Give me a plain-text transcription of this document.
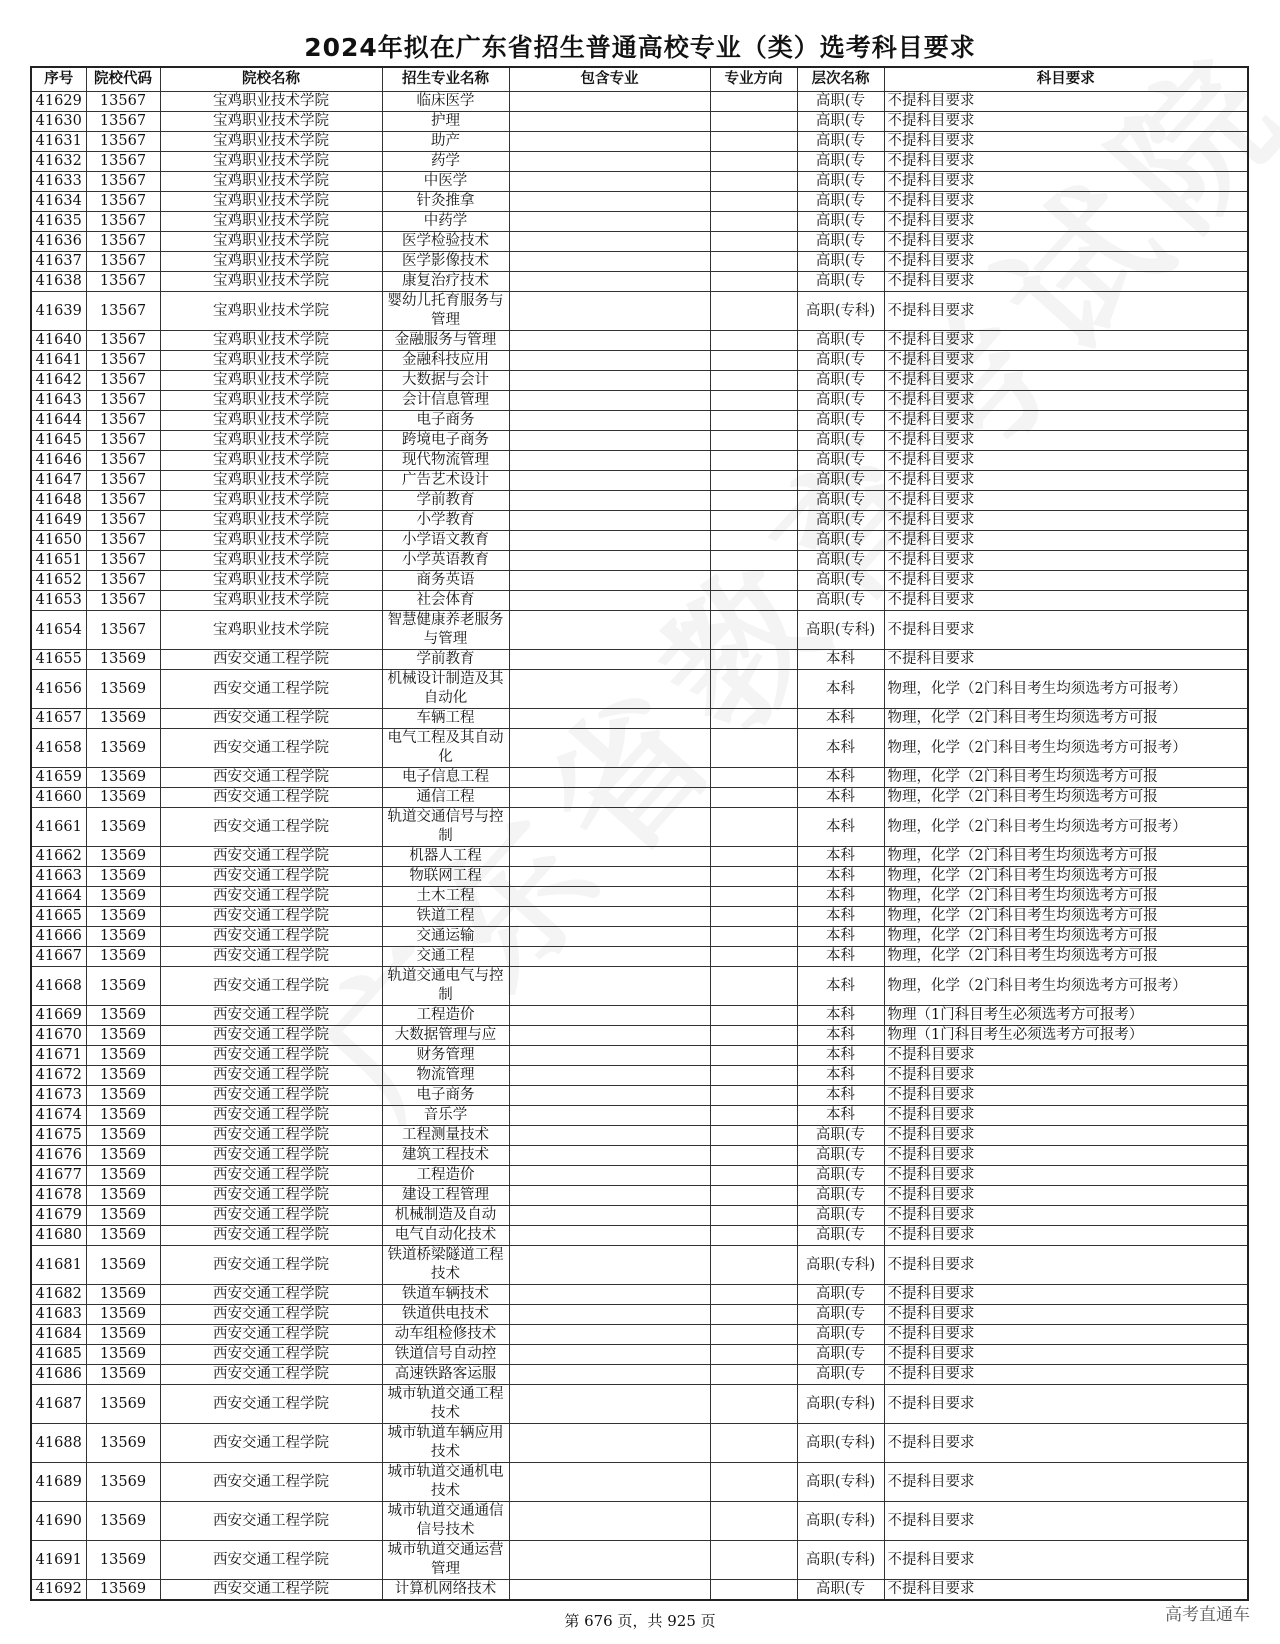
2024年拟在广东省招生普通高校专业（类）选考科目要求
序号	院校代码	院校名称	招生专业名称	包含专业	专业方向	层次名称	科目要求
41629	13567	宝鸡职业技术学院	临床医学			高职(专	不提科目要求
41630	13567	宝鸡职业技术学院	护理			高职(专	不提科目要求
41631	13567	宝鸡职业技术学院	助产			高职(专	不提科目要求
41632	13567	宝鸡职业技术学院	药学			高职(专	不提科目要求
41633	13567	宝鸡职业技术学院	中医学			高职(专	不提科目要求
41634	13567	宝鸡职业技术学院	针灸推拿			高职(专	不提科目要求
41635	13567	宝鸡职业技术学院	中药学			高职(专	不提科目要求
41636	13567	宝鸡职业技术学院	医学检验技术			高职(专	不提科目要求
41637	13567	宝鸡职业技术学院	医学影像技术			高职(专	不提科目要求
41638	13567	宝鸡职业技术学院	康复治疗技术			高职(专	不提科目要求
41639	13567	宝鸡职业技术学院	婴幼儿托育服务与管理			高职(专科)	不提科目要求
41640	13567	宝鸡职业技术学院	金融服务与管理			高职(专	不提科目要求
41641	13567	宝鸡职业技术学院	金融科技应用			高职(专	不提科目要求
41642	13567	宝鸡职业技术学院	大数据与会计			高职(专	不提科目要求
41643	13567	宝鸡职业技术学院	会计信息管理			高职(专	不提科目要求
41644	13567	宝鸡职业技术学院	电子商务			高职(专	不提科目要求
41645	13567	宝鸡职业技术学院	跨境电子商务			高职(专	不提科目要求
41646	13567	宝鸡职业技术学院	现代物流管理			高职(专	不提科目要求
41647	13567	宝鸡职业技术学院	广告艺术设计			高职(专	不提科目要求
41648	13567	宝鸡职业技术学院	学前教育			高职(专	不提科目要求
41649	13567	宝鸡职业技术学院	小学教育			高职(专	不提科目要求
41650	13567	宝鸡职业技术学院	小学语文教育			高职(专	不提科目要求
41651	13567	宝鸡职业技术学院	小学英语教育			高职(专	不提科目要求
41652	13567	宝鸡职业技术学院	商务英语			高职(专	不提科目要求
41653	13567	宝鸡职业技术学院	社会体育			高职(专	不提科目要求
41654	13567	宝鸡职业技术学院	智慧健康养老服务与管理			高职(专科)	不提科目要求
41655	13569	西安交通工程学院	学前教育			本科	不提科目要求
41656	13569	西安交通工程学院	机械设计制造及其自动化			本科	物理，化学（2门科目考生均须选考方可报考）
41657	13569	西安交通工程学院	车辆工程			本科	物理，化学（2门科目考生均须选考方可报
41658	13569	西安交通工程学院	电气工程及其自动化			本科	物理，化学（2门科目考生均须选考方可报考）
41659	13569	西安交通工程学院	电子信息工程			本科	物理，化学（2门科目考生均须选考方可报
41660	13569	西安交通工程学院	通信工程			本科	物理，化学（2门科目考生均须选考方可报
41661	13569	西安交通工程学院	轨道交通信号与控制			本科	物理，化学（2门科目考生均须选考方可报考）
41662	13569	西安交通工程学院	机器人工程			本科	物理，化学（2门科目考生均须选考方可报
41663	13569	西安交通工程学院	物联网工程			本科	物理，化学（2门科目考生均须选考方可报
41664	13569	西安交通工程学院	土木工程			本科	物理，化学（2门科目考生均须选考方可报
41665	13569	西安交通工程学院	铁道工程			本科	物理，化学（2门科目考生均须选考方可报
41666	13569	西安交通工程学院	交通运输			本科	物理，化学（2门科目考生均须选考方可报
41667	13569	西安交通工程学院	交通工程			本科	物理，化学（2门科目考生均须选考方可报
41668	13569	西安交通工程学院	轨道交通电气与控制			本科	物理，化学（2门科目考生均须选考方可报考）
41669	13569	西安交通工程学院	工程造价			本科	物理（1门科目考生必须选考方可报考）
41670	13569	西安交通工程学院	大数据管理与应			本科	物理（1门科目考生必须选考方可报考）
41671	13569	西安交通工程学院	财务管理			本科	不提科目要求
41672	13569	西安交通工程学院	物流管理			本科	不提科目要求
41673	13569	西安交通工程学院	电子商务			本科	不提科目要求
41674	13569	西安交通工程学院	音乐学			本科	不提科目要求
41675	13569	西安交通工程学院	工程测量技术			高职(专	不提科目要求
41676	13569	西安交通工程学院	建筑工程技术			高职(专	不提科目要求
41677	13569	西安交通工程学院	工程造价			高职(专	不提科目要求
41678	13569	西安交通工程学院	建设工程管理			高职(专	不提科目要求
41679	13569	西安交通工程学院	机械制造及自动			高职(专	不提科目要求
41680	13569	西安交通工程学院	电气自动化技术			高职(专	不提科目要求
41681	13569	西安交通工程学院	铁道桥梁隧道工程技术			高职(专科)	不提科目要求
41682	13569	西安交通工程学院	铁道车辆技术			高职(专	不提科目要求
41683	13569	西安交通工程学院	铁道供电技术			高职(专	不提科目要求
41684	13569	西安交通工程学院	动车组检修技术			高职(专	不提科目要求
41685	13569	西安交通工程学院	铁道信号自动控			高职(专	不提科目要求
41686	13569	西安交通工程学院	高速铁路客运服			高职(专	不提科目要求
41687	13569	西安交通工程学院	城市轨道交通工程技术			高职(专科)	不提科目要求
41688	13569	西安交通工程学院	城市轨道车辆应用技术			高职(专科)	不提科目要求
41689	13569	西安交通工程学院	城市轨道交通机电技术			高职(专科)	不提科目要求
41690	13569	西安交通工程学院	城市轨道交通通信信号技术			高职(专科)	不提科目要求
41691	13569	西安交通工程学院	城市轨道交通运营管理			高职(专科)	不提科目要求
41692	13569	西安交通工程学院	计算机网络技术			高职(专	不提科目要求
第 676 页，共 925 页	高考直通车
